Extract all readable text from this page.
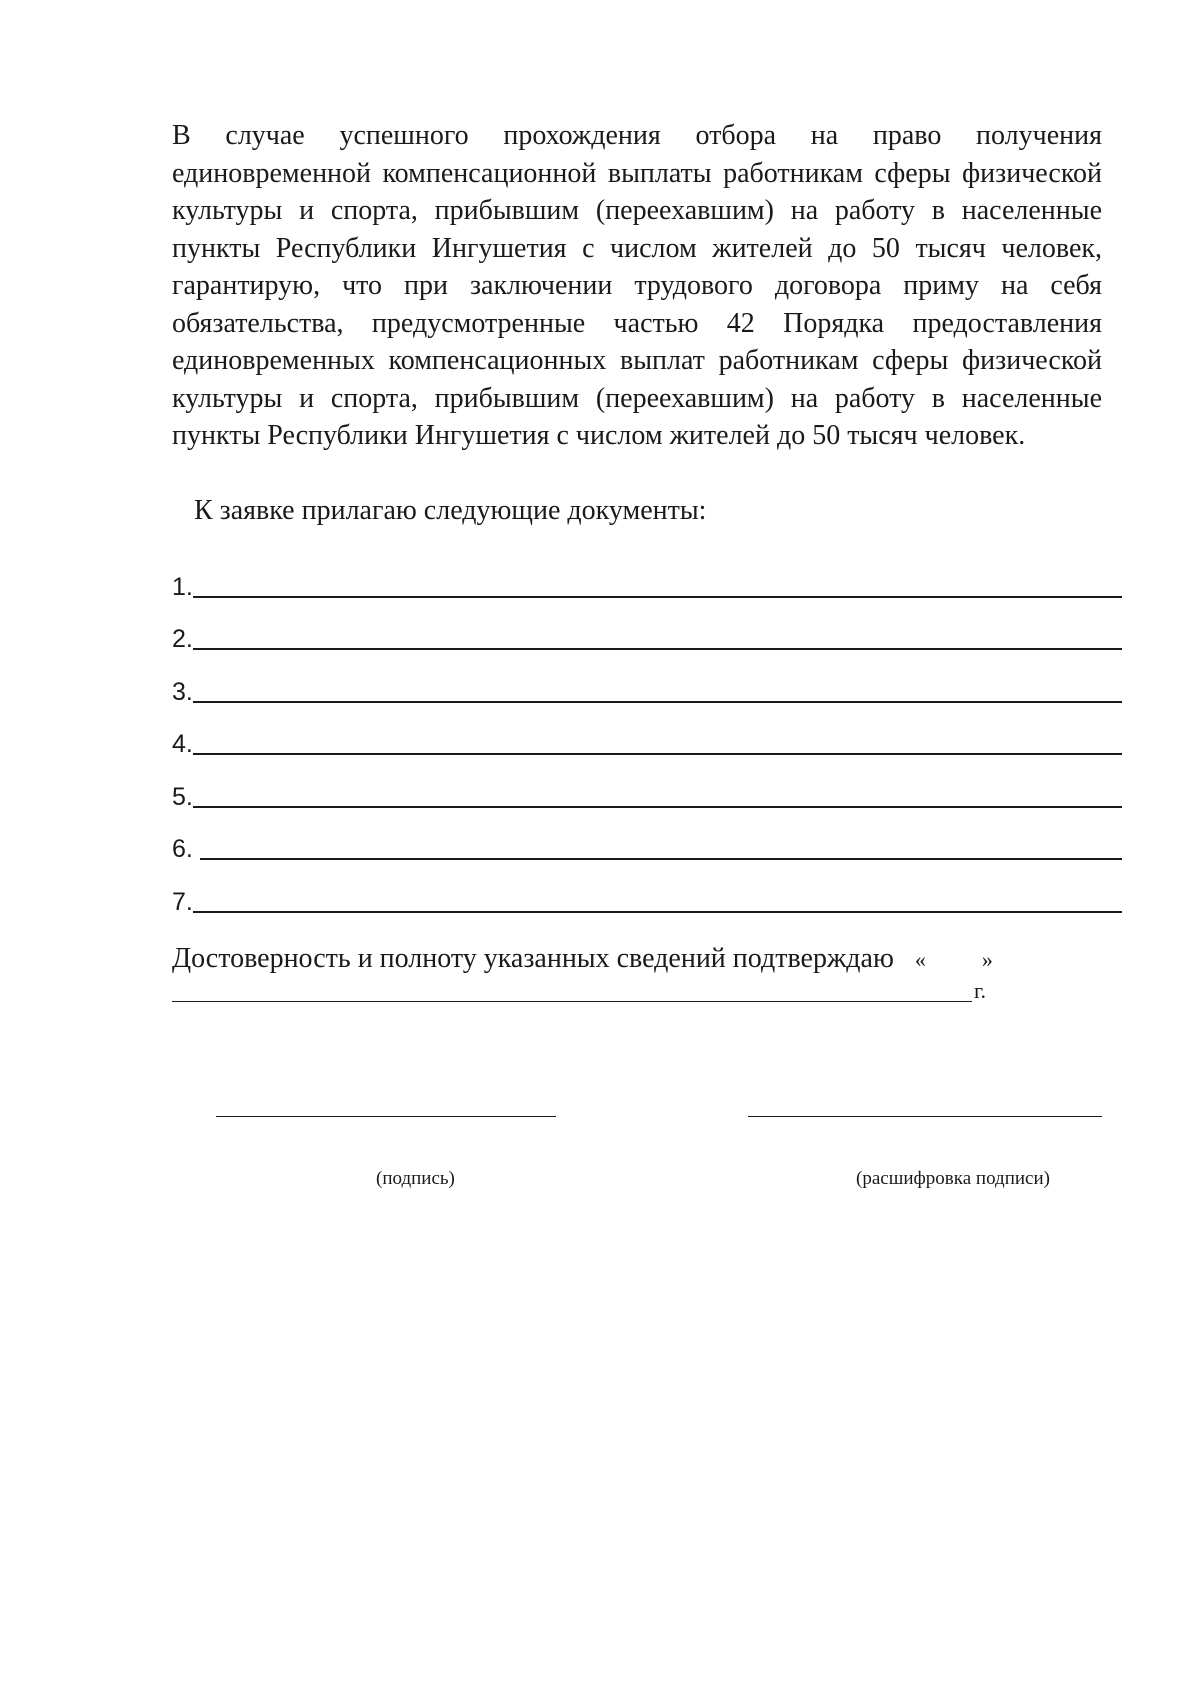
В случае успешного прохождения отбора на право получения единовременной компенсационной выплаты работникам сферы физической культуры и спорта, прибывшим (переехавшим) на работу в населенные пункты Республики Ингушетия с числом жителей до 50 тысяч человек, гарантирую, что при заключении трудового договора приму на себя обязательства, предусмотренные частью 42 Порядка предоставления единовременных компенсационных выплат работникам сферы физической культуры и спорта, прибывшим (переехавшим) на работу в населенные пункты Республики Ингушетия с числом жителей до 50 тысяч человек.

К заявке прилагаю следующие документы:

1.
2.
3.
4.
5.
6.
7.

Достоверность и полноту указанных сведений подтверждаю «	»

г.
(подпись)	(расшифровка подписи)
